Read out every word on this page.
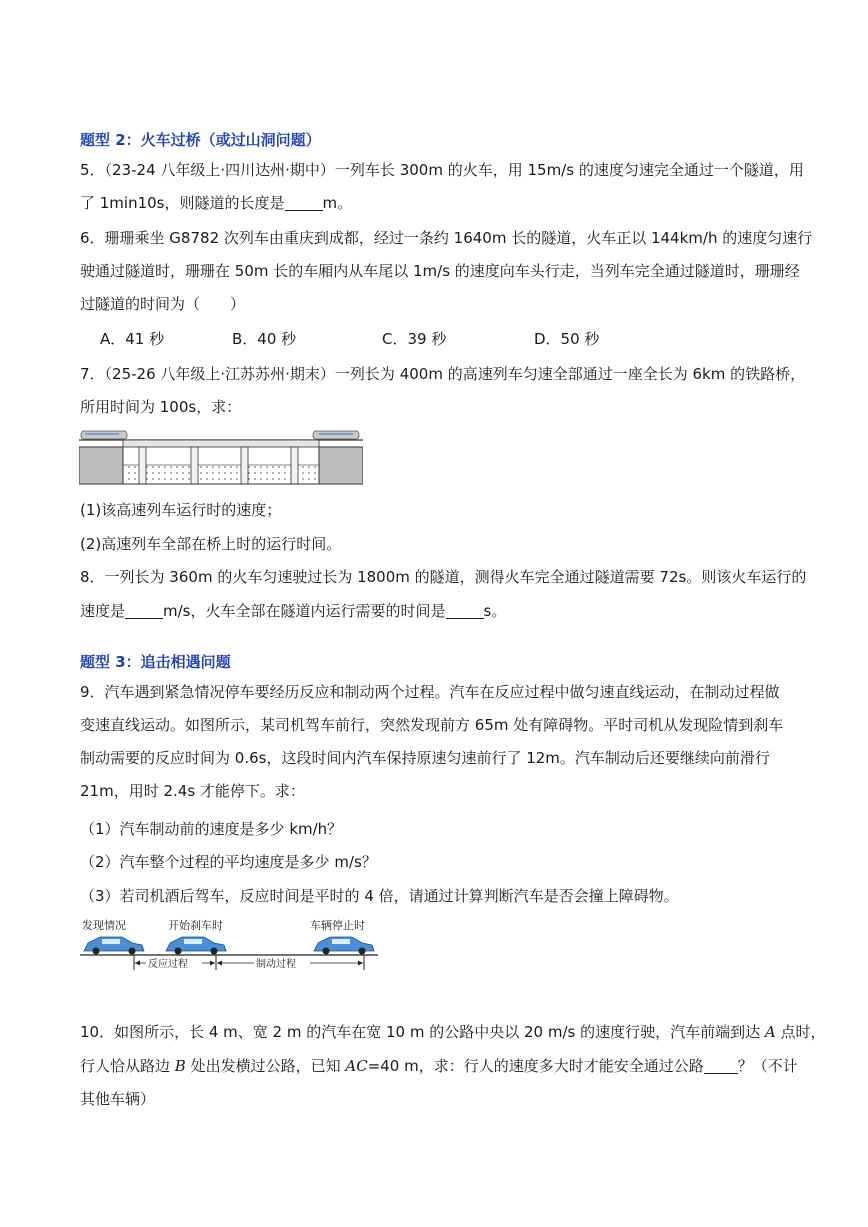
题型 2：火车过桥（或过山洞问题）
5．（23-24 八年级上·四川达州·期中）一列车长 300m 的火车，用 15m/s 的速度匀速完全通过一个隧道，用
了 1min10s，则隧道的长度是	m。
6．珊珊乘坐 G8782 次列车由重庆到成都，经过一条约 1640m 长的隧道，火车正以 144km/h 的速度匀速行
驶通过隧道时，珊珊在 50m 长的车厢内从车尾以 1m/s 的速度向车头行走，当列车完全通过隧道时，珊珊经
过隧道的时间为（　　）
A．41 秒	B．40 秒	C．39 秒	D．50 秒
7．（25-26 八年级上·江苏苏州·期末）一列长为 400m 的高速列车匀速全部通过一座全长为 6km 的铁路桥，
所用时间为 100s，求：
(1)该高速列车运行时的速度；
(2)高速列车全部在桥上时的运行时间。
8．一列长为 360m 的火车匀速驶过长为 1800m 的隧道，测得火车完全通过隧道需要 72s。则该火车运行的
速度是	m/s，火车全部在隧道内运行需要的时间是	s。
题型 3：追击相遇问题
9．汽车遇到紧急情况停车要经历反应和制动两个过程。汽车在反应过程中做匀速直线运动，在制动过程做
变速直线运动。如图所示，某司机驾车前行，突然发现前方 65m 处有障碍物。平时司机从发现险情到刹车
制动需要的反应时间为 0.6s，这段时间内汽车保持原速匀速前行了 12m。汽车制动后还要继续向前滑行
21m，用时 2.4s 才能停下。求：
（1）汽车制动前的速度是多少 km/h？
（2）汽车整个过程的平均速度是多少 m/s？
（3）若司机酒后驾车，反应时间是平时的 4 倍，请通过计算判断汽车是否会撞上障碍物。
发现情况	开始刹车时	车辆停止时
反应过程	制动过程
10．如图所示，长 4 m、宽 2 m 的汽车在宽 10 m 的公路中央以 20 m/s 的速度行驶，汽车前端到达 A 点时，
行人恰从路边 B 处出发横过公路，已知 AC=40 m，求：行人的速度多大时才能安全通过公路 ？（不计
其他车辆）
